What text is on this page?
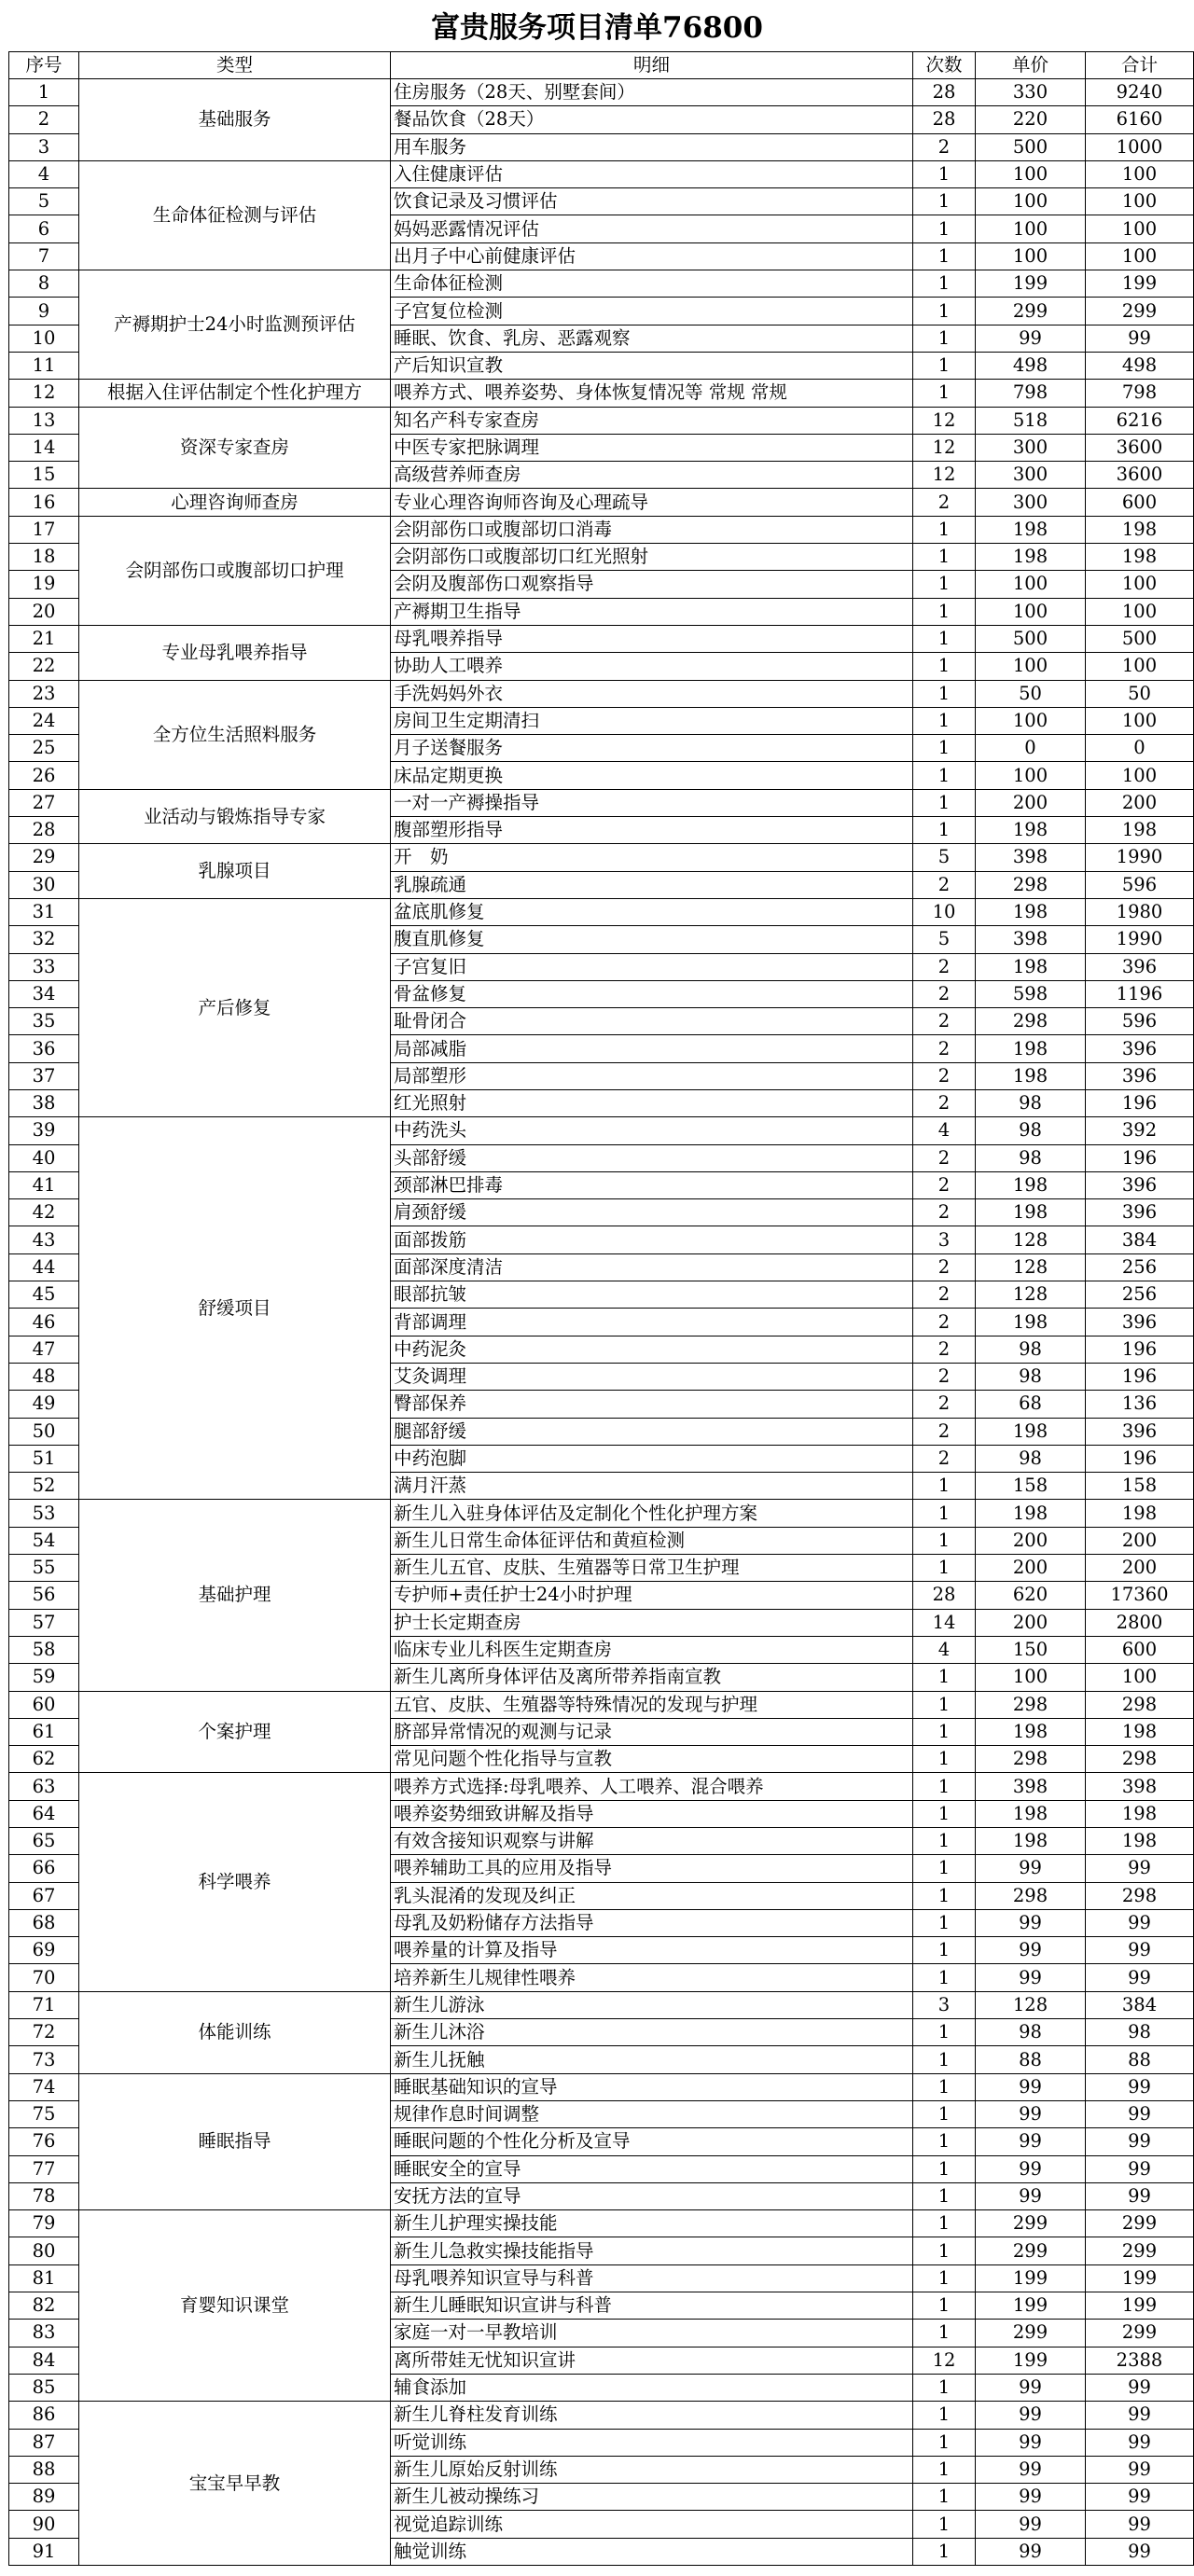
富贵服务项目清单76800
序号	类型	明细	次数	单价	合计
1	基础服务	住房服务（28天、别墅套间）	28	330	9240
2		餐品饮食（28天）	28	220	6160
3		用车服务	2	500	1000
4	生命体征检测与评估	入住健康评估	1	100	100
5		饮食记录及习惯评估	1	100	100
6		妈妈恶露情况评估	1	100	100
7		出月子中心前健康评估	1	100	100
8	产褥期护士24小时监测预评估	生命体征检测	1	199	199
9		子宫复位检测	1	299	299
10		睡眠、饮食、乳房、恶露观察	1	99	99
11		产后知识宣教	1	498	498
12	根据入住评估制定个性化护理方	喂养方式、喂养姿势、身体恢复情况等 常规 常规	1	798	798
13	资深专家查房	知名产科专家查房	12	518	6216
14		中医专家把脉调理	12	300	3600
15		高级营养师查房	12	300	3600
16	心理咨询师查房	专业心理咨询师咨询及心理疏导	2	300	600
17	会阴部伤口或腹部切口护理	会阴部伤口或腹部切口消毒	1	198	198
18		会阴部伤口或腹部切口红光照射	1	198	198
19		会阴及腹部伤口观察指导	1	100	100
20		产褥期卫生指导	1	100	100
21	专业母乳喂养指导	母乳喂养指导	1	500	500
22		协助人工喂养	1	100	100
23	全方位生活照料服务	手洗妈妈外衣	1	50	50
24		房间卫生定期清扫	1	100	100
25		月子送餐服务	1	0	0
26		床品定期更换	1	100	100
27	业活动与锻炼指导专家	一对一产褥操指导	1	200	200
28		腹部塑形指导	1	198	198
29	乳腺项目	开　奶	5	398	1990
30		乳腺疏通	2	298	596
31	产后修复	盆底肌修复	10	198	1980
32		腹直肌修复	5	398	1990
33		子宫复旧	2	198	396
34		骨盆修复	2	598	1196
35		耻骨闭合	2	298	596
36		局部减脂	2	198	396
37		局部塑形	2	198	396
38		红光照射	2	98	196
39	舒缓项目	中药洗头	4	98	392
40		头部舒缓	2	98	196
41		颈部淋巴排毒	2	198	396
42		肩颈舒缓	2	198	396
43		面部拨筋	3	128	384
44		面部深度清洁	2	128	256
45		眼部抗皱	2	128	256
46		背部调理	2	198	396
47		中药泥灸	2	98	196
48		艾灸调理	2	98	196
49		臀部保养	2	68	136
50		腿部舒缓	2	198	396
51		中药泡脚	2	98	196
52		满月汗蒸	1	158	158
53	基础护理	新生儿入驻身体评估及定制化个性化护理方案	1	198	198
54		新生儿日常生命体征评估和黄疸检测	1	200	200
55		新生儿五官、皮肤、生殖器等日常卫生护理	1	200	200
56		专护师+责任护士24小时护理	28	620	17360
57		护士长定期查房	14	200	2800
58		临床专业儿科医生定期查房	4	150	600
59		新生儿离所身体评估及离所带养指南宣教	1	100	100
60	个案护理	五官、皮肤、生殖器等特殊情况的发现与护理	1	298	298
61		脐部异常情况的观测与记录	1	198	198
62		常见问题个性化指导与宣教	1	298	298
63	科学喂养	喂养方式选择:母乳喂养、人工喂养、混合喂养	1	398	398
64		喂养姿势细致讲解及指导	1	198	198
65		有效含接知识观察与讲解	1	198	198
66		喂养辅助工具的应用及指导	1	99	99
67		乳头混淆的发现及纠正	1	298	298
68		母乳及奶粉储存方法指导	1	99	99
69		喂养量的计算及指导	1	99	99
70		培养新生儿规律性喂养	1	99	99
71	体能训练	新生儿游泳	3	128	384
72		新生儿沐浴	1	98	98
73		新生儿抚触	1	88	88
74	睡眠指导	睡眠基础知识的宣导	1	99	99
75		规律作息时间调整	1	99	99
76		睡眠问题的个性化分析及宣导	1	99	99
77		睡眠安全的宣导	1	99	99
78		安抚方法的宣导	1	99	99
79	育婴知识课堂	新生儿护理实操技能	1	299	299
80		新生儿急救实操技能指导	1	299	299
81		母乳喂养知识宣导与科普	1	199	199
82		新生儿睡眠知识宣讲与科普	1	199	199
83		家庭一对一早教培训	1	299	299
84		离所带娃无忧知识宣讲	12	199	2388
85		辅食添加	1	99	99
86	宝宝早早教	新生儿脊柱发育训练	1	99	99
87		听觉训练	1	99	99
88		新生儿原始反射训练	1	99	99
89		新生儿被动操练习	1	99	99
90		视觉追踪训练	1	99	99
91		触觉训练	1	99	99
